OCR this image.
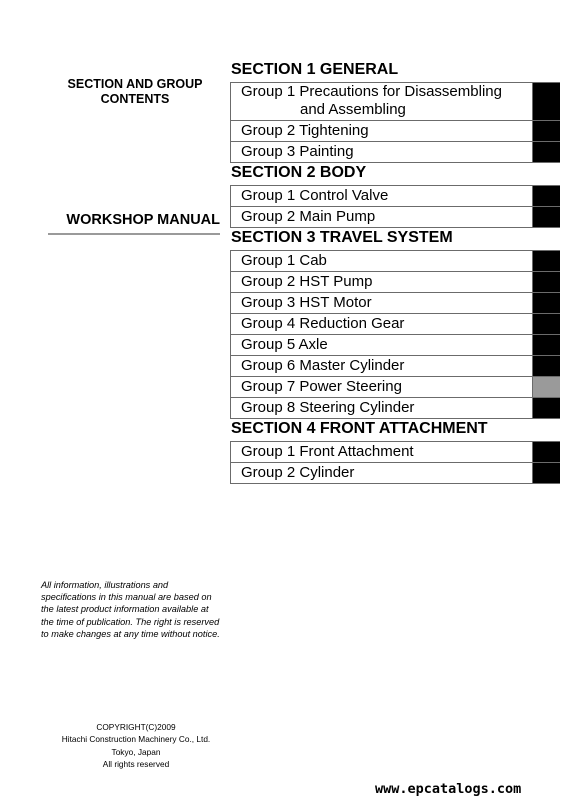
SECTION AND GROUP
CONTENTS
WORKSHOP MANUAL
All information, illustrations and specifications in this manual are based on the latest product information available at the time of publication. The right is reserved to make changes at any time without notice.
COPYRIGHT(C)2009
Hitachi Construction Machinery Co., Ltd.
Tokyo, Japan
All rights reserved
www.epcatalogs.com
SECTION 1 GENERAL
Group 1 Precautions for Disassembling
and Assembling
Group 2 Tightening
Group 3 Painting
SECTION 2 BODY
Group 1 Control Valve
Group 2 Main Pump
SECTION 3 TRAVEL SYSTEM
Group 1 Cab
Group 2 HST Pump
Group 3 HST Motor
Group 4 Reduction Gear
Group 5 Axle
Group 6 Master Cylinder
Group 7 Power Steering
Group 8 Steering Cylinder
SECTION 4 FRONT ATTACHMENT
Group 1 Front Attachment
Group 2 Cylinder
